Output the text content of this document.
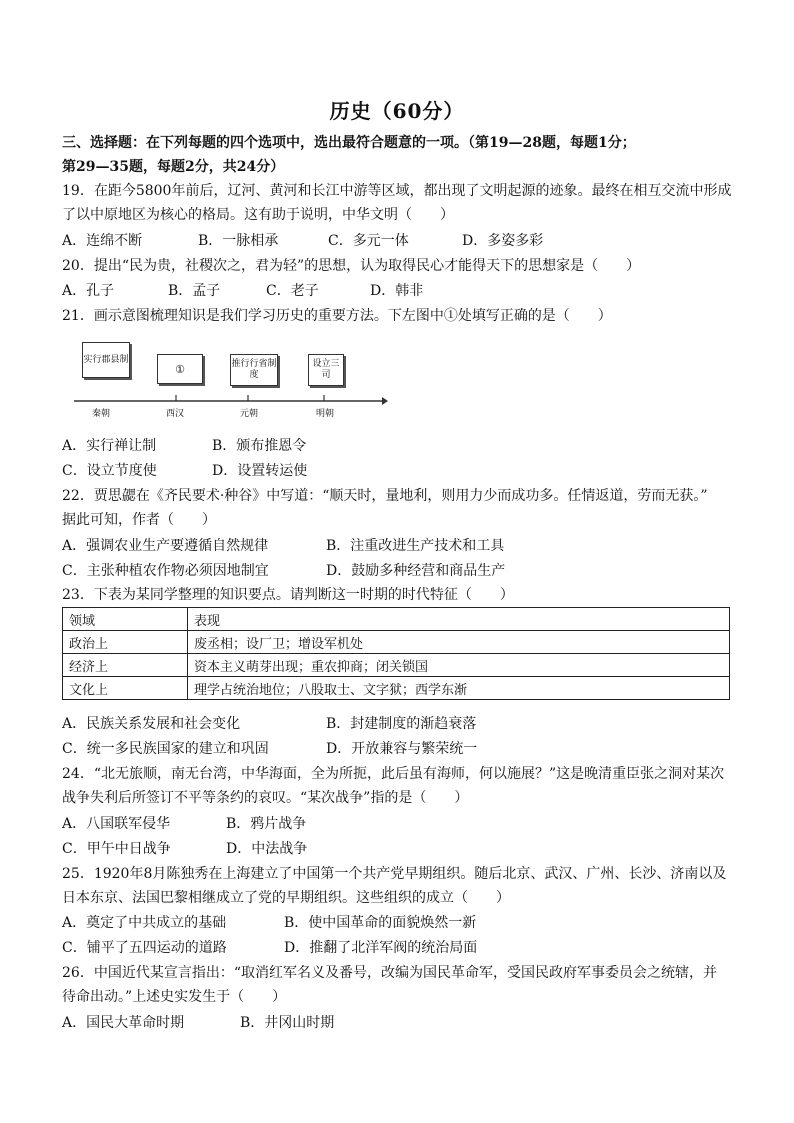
历史（60分）
三、选择题：在下列每题的四个选项中，选出最符合题意的一项。（第19—28题，每题1分；
第29—35题，每题2分，共24分）
19．在距今5800年前后，辽河、黄河和长江中游等区域，都出现了文明起源的迹象。最终在相互交流中形成
了以中原地区为核心的格局。这有助于说明，中华文明（　　）
A．连绵不断	B．一脉相承	C．多元一体	D．多姿多彩
20．提出“民为贵，社稷次之，君为轻”的思想，认为取得民心才能得天下的思想家是（　　）
A．孔子	B．孟子	C．老子	D．韩非
21．画示意图梳理知识是我们学习历史的重要方法。下左图中①处填写正确的是（　　）
实行郡县制
①	推行行省制度
设立三司
秦朝	西汉	元朝	明朝
A．实行禅让制	B．颁布推恩令
C．设立节度使	D．设置转运使
22．贾思勰在《齐民要术·种谷》中写道：“顺天时，量地利，则用力少而成功多。任情返道，劳而无获。”
据此可知，作者（　　）
A．强调农业生产要遵循自然规律	B．注重改进生产技术和工具
C．主张种植农作物必须因地制宜	D．鼓励多种经营和商品生产
23．下表为某同学整理的知识要点。请判断这一时期的时代特征（　　）
领域	表现
政治上	废丞相；设厂卫；增设军机处
经济上	资本主义萌芽出现；重农抑商；闭关锁国
文化上	理学占统治地位；八股取士、文字狱；西学东渐
A．民族关系发展和社会变化	B．封建制度的渐趋衰落
C．统一多民族国家的建立和巩固	D．开放兼容与繁荣统一
24．“北无旅顺，南无台湾，中华海面，全为所扼，此后虽有海师，何以施展？”这是晚清重臣张之洞对某次
战争失利后所签订不平等条约的哀叹。“某次战争”指的是（　　）
A．八国联军侵华	B．鸦片战争
C．甲午中日战争	D．中法战争
25．1920年8月陈独秀在上海建立了中国第一个共产党早期组织。随后北京、武汉、广州、长沙、济南以及
日本东京、法国巴黎相继成立了党的早期组织。这些组织的成立（　　）
A．奠定了中共成立的基础	B．使中国革命的面貌焕然一新
C．铺平了五四运动的道路	D．推翻了北洋军阀的统治局面
26．中国近代某宣言指出：“取消红军名义及番号，改编为国民革命军，受国民政府军事委员会之统辖，并
待命出动。”上述史实发生于（　　）
A．国民大革命时期	B．井冈山时期
